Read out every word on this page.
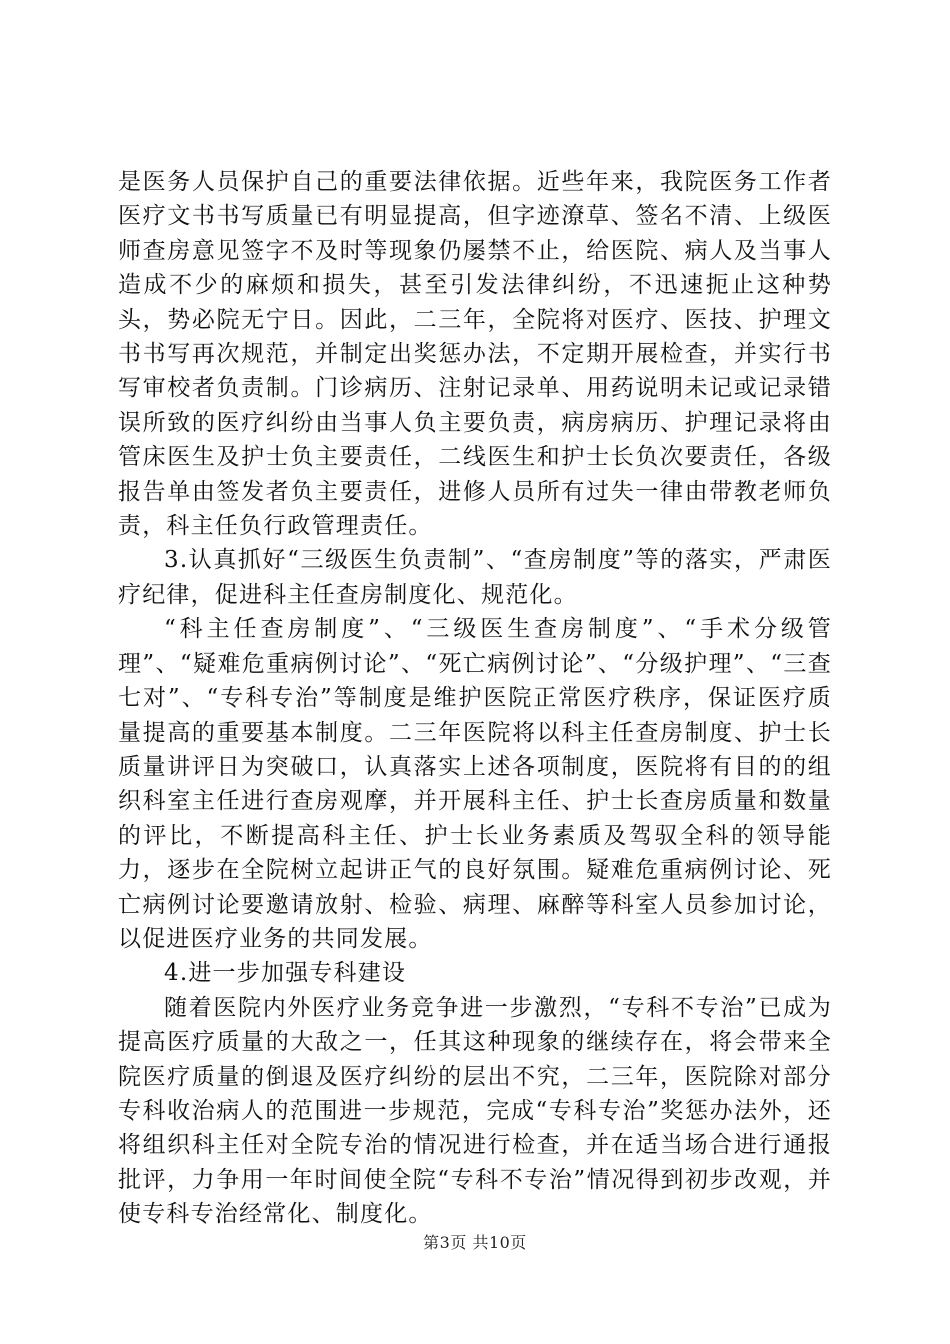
是医务人员保护自己的重要法律依据。近些年来，我院医务工作者医疗文书书写质量已有明显提高，但字迹潦草、签名不清、上级医师查房意见签字不及时等现象仍屡禁不止，给医院、病人及当事人造成不少的麻烦和损失，甚至引发法律纠纷，不迅速扼止这种势头，势必院无宁日。因此，二三年，全院将对医疗、医技、护理文书书写再次规范，并制定出奖惩办法，不定期开展检查，并实行书写审校者负责制。门诊病历、注射记录单、用药说明未记或记录错误所致的医疗纠纷由当事人负主要负责，病房病历、护理记录将由管床医生及护士负主要责任，二线医生和护士长负次要责任，各级报告单由签发者负主要责任，进修人员所有过失一律由带教老师负责，科主任负行政管理责任。

3.认真抓好“三级医生负责制”、“查房制度”等的落实，严肃医疗纪律，促进科主任查房制度化、规范化。

“科主任查房制度”、“三级医生查房制度”、“手术分级管理”、“疑难危重病例讨论”、“死亡病例讨论”、“分级护理”、“三查七对”、“专科专治”等制度是维护医院正常医疗秩序，保证医疗质量提高的重要基本制度。二三年医院将以科主任查房制度、护士长质量讲评日为突破口，认真落实上述各项制度，医院将有目的的组织科室主任进行查房观摩，并开展科主任、护士长查房质量和数量的评比，不断提高科主任、护士长业务素质及驾驭全科的领导能力，逐步在全院树立起讲正气的良好氛围。疑难危重病例讨论、死亡病例讨论要邀请放射、检验、病理、麻醉等科室人员参加讨论，以促进医疗业务的共同发展。

4.进一步加强专科建设

随着医院内外医疗业务竞争进一步激烈，“专科不专治”已成为提高医疗质量的大敌之一，任其这种现象的继续存在，将会带来全院医疗质量的倒退及医疗纠纷的层出不究，二三年，医院除对部分专科收治病人的范围进一步规范，完成“专科专治”奖惩办法外，还将组织科主任对全院专治的情况进行检查，并在适当场合进行通报批评，力争用一年时间使全院“专科不专治”情况得到初步改观，并使专科专治经常化、制度化。

第3页 共10页
